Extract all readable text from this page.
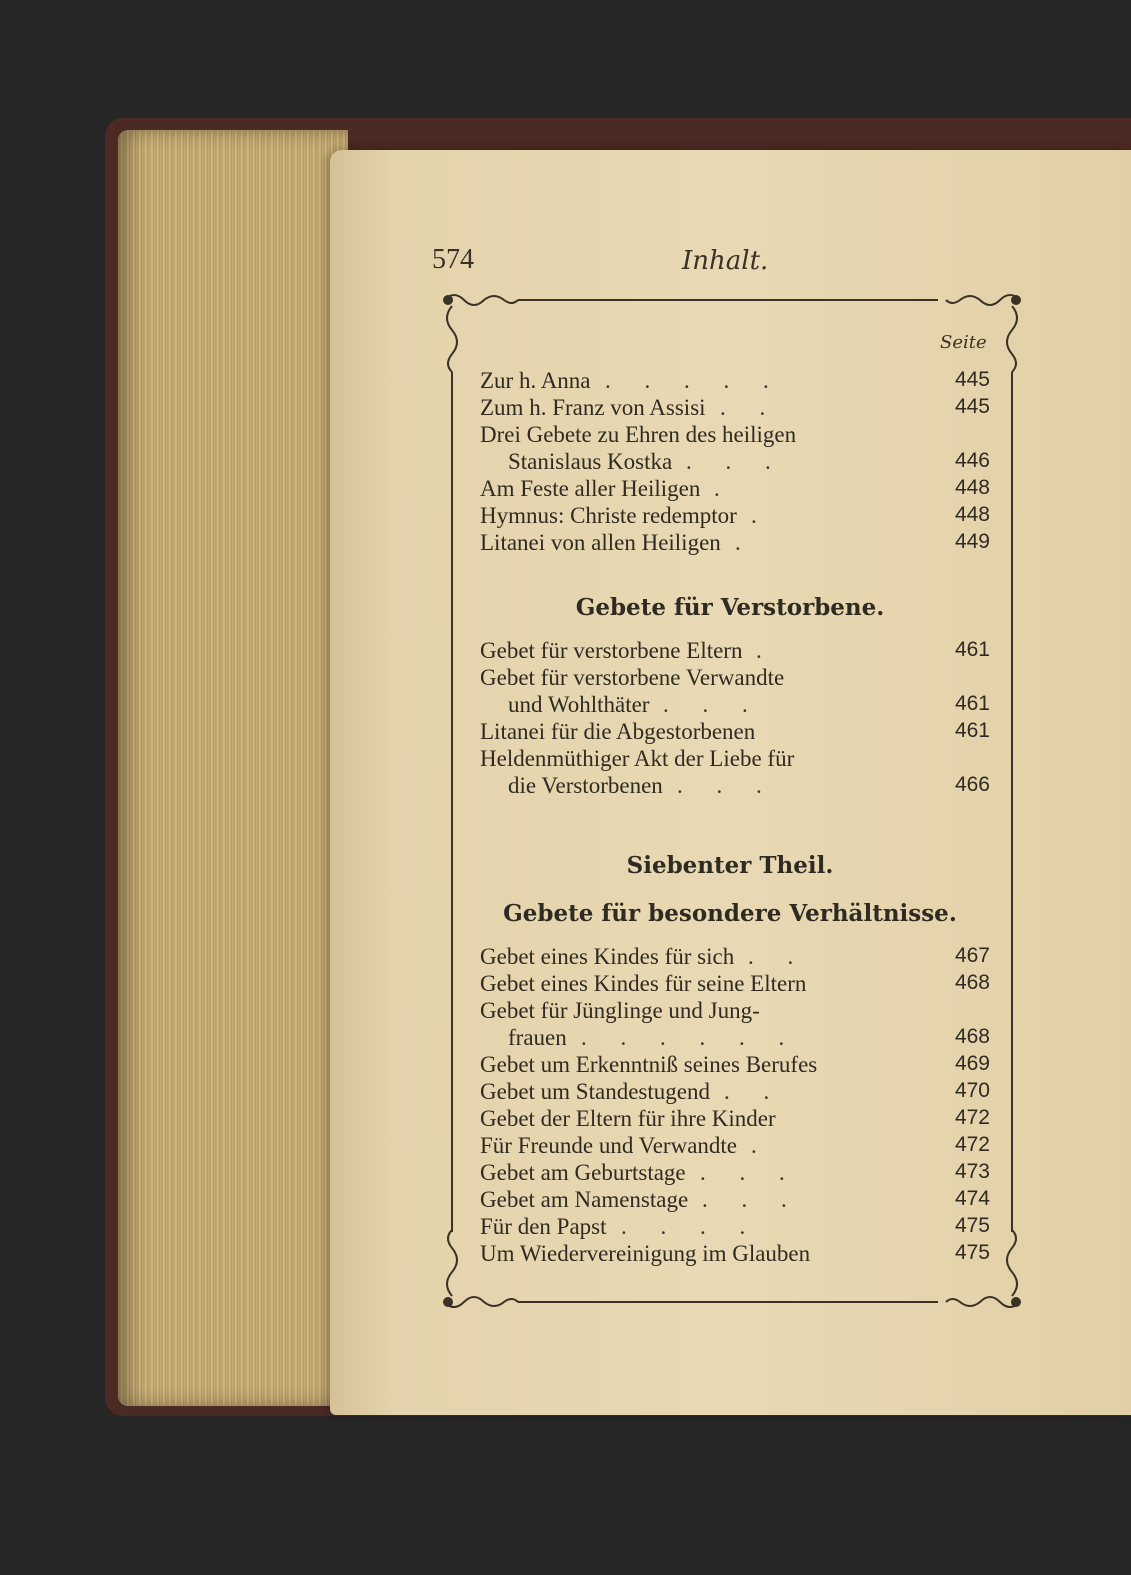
574	Inhalt.
Seite
Zur h. Anna . . . . .	445
Zum h. Franz von Assisi . .	445
Drei Gebete zu Ehren des heiligen
Stanislaus Kostka . . .	446
Am Feste aller Heiligen .	448
Hymnus: Christe redemptor .	448
Litanei von allen Heiligen .	449
Gebete für Verstorbene.
Gebet für verstorbene Eltern .	461
Gebet für verstorbene Verwandte
und Wohlthäter . . .	461
Litanei für die Abgestorbenen	461
Heldenmüthiger Akt der Liebe für
die Verstorbenen . . .	466
Siebenter Theil.
Gebete für besondere Verhältnisse.
Gebet eines Kindes für sich . .	467
Gebet eines Kindes für seine Eltern	468
Gebet für Jünglinge und Jung-
frauen . . . . . .	468
Gebet um Erkenntniß seines Berufes	469
Gebet um Standestugend . .	470
Gebet der Eltern für ihre Kinder	472
Für Freunde und Verwandte .	472
Gebet am Geburtstage . . .	473
Gebet am Namenstage . . .	474
Für den Papst . . . .	475
Um Wiedervereinigung im Glauben	475
